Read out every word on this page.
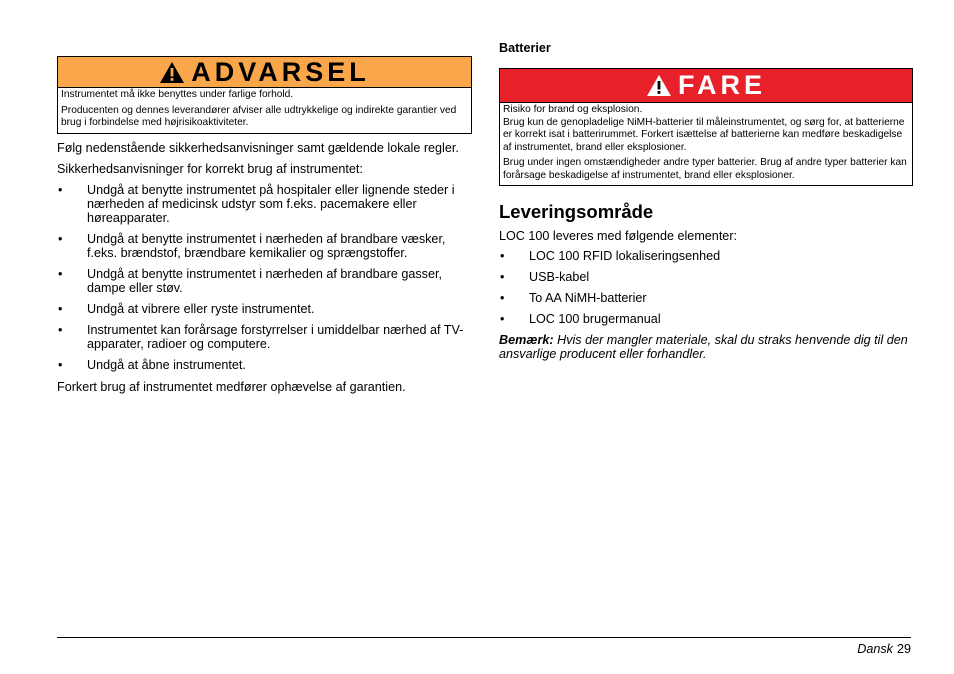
ADVARSEL

Instrumentet må ikke benyttes under farlige forhold.

Producenten og dennes leverandører afviser alle udtrykkelige og indirekte garantier ved brug i forbindelse med højrisikoaktiviteter.

Følg nedenstående sikkerhedsanvisninger samt gældende lokale regler.
Sikkerhedsanvisninger for korrekt brug af instrumentet:
• Undgå at benytte instrumentet på hospitaler eller lignende steder i nærheden af medicinsk udstyr som f.eks. pacemakere eller høreapparater.
• Undgå at benytte instrumentet i nærheden af brandbare væsker, f.eks. brændstof, brændbare kemikalier og sprængstoffer.
• Undgå at benytte instrumentet i nærheden af brandbare gasser, dampe eller støv.
• Undgå at vibrere eller ryste instrumentet.
• Instrumentet kan forårsage forstyrrelser i umiddelbar nærhed af TV-apparater, radioer og computere.
• Undgå at åbne instrumentet.
Forkert brug af instrumentet medfører ophævelse af garantien.
Batterier
FARE

Risiko for brand og eksplosion.

Brug kun de genopladelige NiMH-batterier til måleinstrumentet, og sørg for, at batterierne er korrekt isat i batterirummet. Forkert isættelse af batterierne kan medføre beskadigelse af instrumentet, brand eller eksplosioner.

Brug under ingen omstændigheder andre typer batterier. Brug af andre typer batterier kan forårsage beskadigelse af instrumentet, brand eller eksplosioner.

Leveringsområde
LOC 100 leveres med følgende elementer:
• LOC 100 RFID lokaliseringsenhed
• USB-kabel
• To AA NiMH-batterier
• LOC 100 brugermanual
Bemærk: Hvis der mangler materiale, skal du straks henvende dig til den ansvarlige producent eller forhandler.
Dansk 29
